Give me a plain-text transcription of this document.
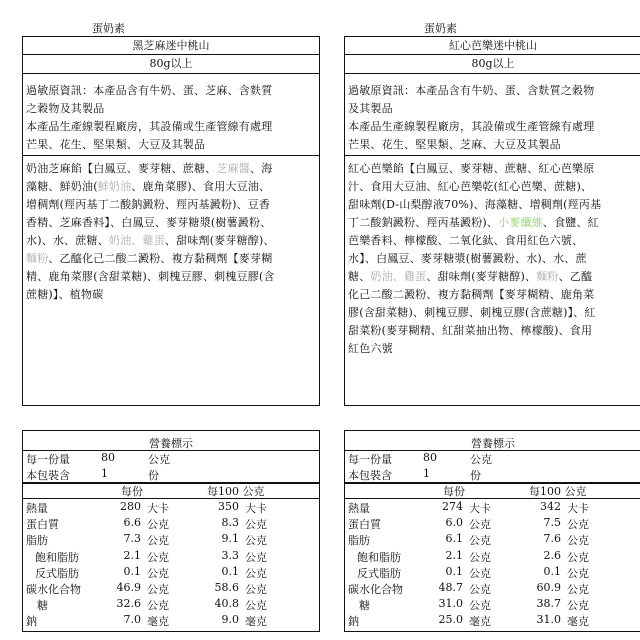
蛋奶素
黑芝麻迷中桃山
80g以上
過敏原資訊：本產品含有牛奶、蛋、芝麻、含麩質
之穀物及其製品
本產品生產線製程廠房，其設備或生產管線有處理
芒果、花生、堅果類、大豆及其製品
奶油芝麻餡【白鳳豆、麥芽糖、蔗糖、芝麻醬、海
藻糖、鮮奶油(鮮奶油、鹿角菜膠)、食用大豆油、
增稠劑(羥丙基丁二酸鈉澱粉、羥丙基澱粉)、豆香
香精、芝麻香料】、白鳳豆、麥芽糖漿(樹薯澱粉、
水)、水、蔗糖、奶油、雞蛋、甜味劑(麥芽糖醇)、
麵粉、乙醯化己二酸二澱粉、複方黏稠劑【麥芽糊
精、鹿角菜膠(含甜菜糖)、刺槐豆膠、刺槐豆膠(含
蔗糖)】、植物碳
營養標示
每一份量	80	公克
本包裝含	1	份
每份	每100 公克
熱量	280 大卡	350 大卡
蛋白質	6.6 公克	8.3 公克
脂肪	7.3 公克	9.1 公克
飽和脂肪	2.1 公克	3.3 公克
反式脂肪	0.1 公克	0.1 公克
碳水化合物	46.9 公克	58.6 公克
糖	32.6 公克	40.8 公克
鈉	7.0 毫克	9.0 毫克
蛋奶素
紅心芭樂迷中桃山
80g以上
過敏原資訊：本產品含有牛奶、蛋、含麩質之穀物
及其製品
本產品生產線製程廠房，其設備或生產管線有處理
芒果、花生、堅果類、芝麻、大豆及其製品
紅心芭樂餡【白鳳豆、麥芽糖、蔗糖、紅心芭樂原
汁、食用大豆油、紅心芭樂乾(紅心芭樂、蔗糖)、
甜味劑(D-山梨醇液70%)、海藻糖、增稠劑(羥丙基
丁二酸鈉澱粉、羥丙基澱粉)、小麥纖維、食鹽、紅
芭樂香料、檸檬酸、二氧化鈦、食用紅色六號、
水】、白鳳豆、麥芽糖漿(樹薯澱粉、水)、水、蔗
糖、奶油、雞蛋、甜味劑(麥芽糖醇)、麵粉、乙醯
化己二酸二澱粉、複方黏稠劑【麥芽糊精、鹿角菜
膠(含甜菜糖)、刺槐豆膠、刺槐豆膠(含蔗糖)】、紅
甜菜粉(麥芽糊精、紅甜菜抽出物、檸檬酸)、食用
紅色六號
營養標示
每一份量	80	公克
本包裝含	1	份
每份	每100 公克
熱量	274 大卡	342 大卡
蛋白質	6.0 公克	7.5 公克
脂肪	6.1 公克	7.6 公克
飽和脂肪	2.1 公克	2.6 公克
反式脂肪	0.1 公克	0.1 公克
碳水化合物	48.7 公克	60.9 公克
糖	31.0 公克	38.7 公克
鈉	25.0 毫克	31.0 毫克
